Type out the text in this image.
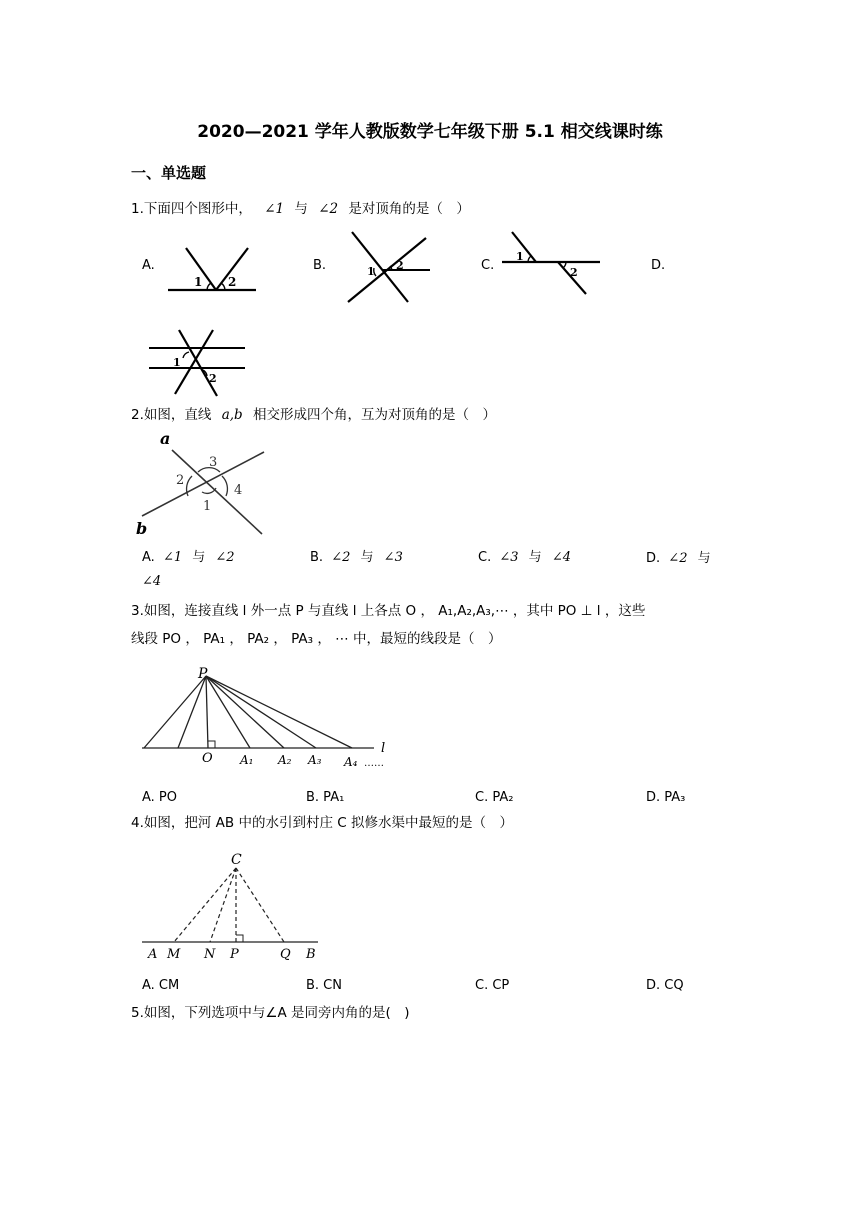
2020—2021 学年人教版数学七年级下册 5.1 相交线课时练
一、单选题
1.下面四个图形中， ∠1 与 ∠2 是对顶角的是（　）
A.	B.	C.	D.
1 2
1 2
1
2
1
2
2.如图，直线 a,b 相交形成四个角，互为对顶角的是（　）
a
b
2
3
4
1
A. ∠1 与 ∠2	B. ∠2 与 ∠3	C. ∠3 与 ∠4	D. ∠2 与
∠4
3.如图，连接直线 l 外一点 P 与直线 l 上各点 O ， A₁,A₂,A₃,⋯ ，其中 PO ⊥ l ，这些
线段 PO ， PA₁ ， PA₂ ， PA₃ ， ⋯ 中，最短的线段是（　）
P
O A₁ A₂ A₃ A₄ ……
l
A. PO	B. PA₁	C. PA₂	D. PA₃
4.如图，把河 AB 中的水引到村庄 C 拟修水渠中最短的是（　）
C
A M N P	Q B
A. CM	B. CN	C. CP	D. CQ
5.如图，下列选项中与∠A 是同旁内角的是(　)
